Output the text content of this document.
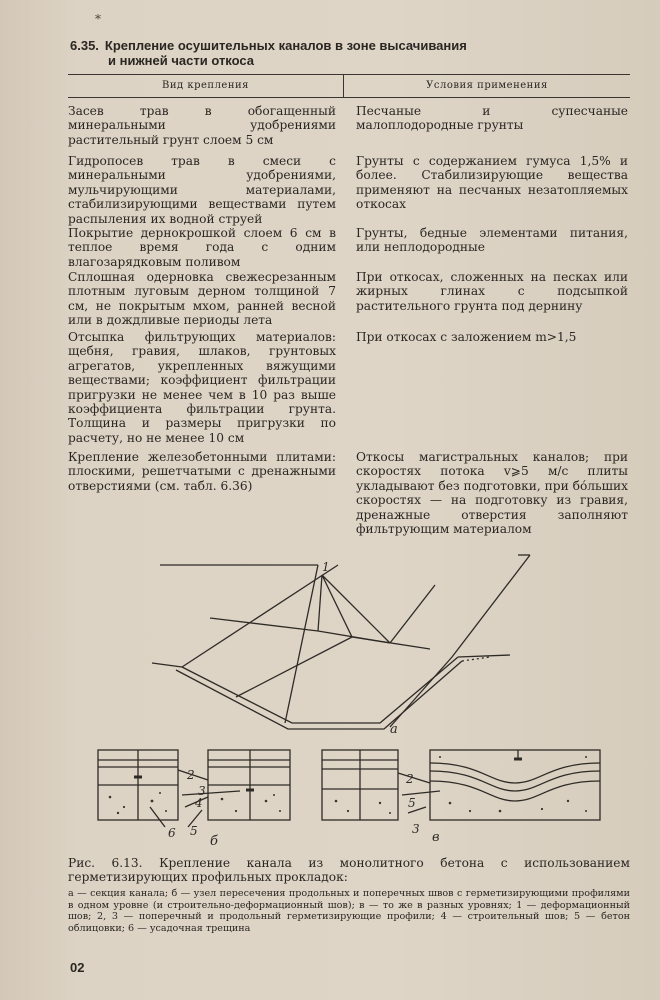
*
6.35. Крепление осушительных каналов в зоне высачивания
и нижней части откоса
Вид крепления	Условия применения
Засев трав в обогащенный минеральными удобрениями растительный грунт слоем 5 см
Песчаные и супесчаные малоплодородные грунты
Гидропосев трав в смеси с минеральными удобрениями, мульчирующими материалами, стабилизирующими веществами путем распыления их водной струей
Грунты с содержанием гумуса 1,5% и более. Стабилизирующие вещества применяют на песчаных незатопляемых откосах
Покрытие дернокрошкой слоем 6 см в теплое время года с одним влагозарядковым поливом
Грунты, бедные элементами питания, или неплодородные
Сплошная одерновка свежесрезанным плотным луговым дерном толщиной 7 см, не покрытым мхом, ранней весной или в дождливые периоды лета
При откосах, сложенных на песках или жирных глинах с подсыпкой растительного грунта под дернину
Отсыпка фильтрующих материалов: щебня, гравия, шлаков, грунтовых агрегатов, укрепленных вяжущими веществами; коэффициент фильтрации пригрузки не менее чем в 10 раз выше коэффициента фильтрации грунта. Толщина и размеры пригрузки по расчету, но не менее 10 см
При откосах с заложением m>1,5
Крепление железобетонными плитами: плоскими, решетчатыми с дренажными отверстиями (см. табл. 6.36)
Откосы магистральных каналов; при скоростях потока v⩾5 м/с плиты укладывают без подготовки, при бо́льших скоростях — на подготовку из гравия, дренажные отверстия заполняют фильтрующим материалом
1
а
2
3
4
6 5
б
2
5
3
в
Рис. 6.13. Крепление канала из монолитного бетона с использованием герметизирующих профильных прокладок:
а — секция канала; б — узел пересечения продольных и поперечных швов с герметизирующими профилями в одном уровне (и строительно-деформационный шов); в — то же в разных уровнях; 1 — деформационный шов; 2, 3 — поперечный и продольный герметизирующие профили; 4 — строительный шов; 5 — бетон облицовки; 6 — усадочная трещина
02
